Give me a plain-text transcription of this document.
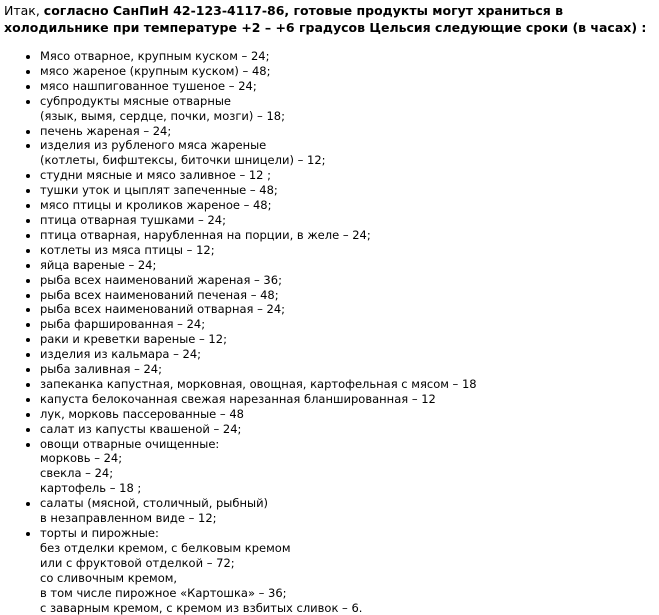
Итак, согласно СанПиН 42-123-4117-86, готовые продукты могут храниться в холодильнике при температуре +2 – +6 градусов Цельсия следующие сроки (в часах) :

Мясо отварное, крупным куском – 24;
мясо жареное (крупным куском) – 48;
мясо нашпигованное тушеное – 24;
субпродукты мясные отварные
(язык, вымя, сердце, почки, мозги) – 18;
печень жареная – 24;
изделия из рубленого мяса жареные
(котлеты, бифштексы, биточки шницели) – 12;
студни мясные и мясо заливное – 12 ;
тушки уток и цыплят запеченные – 48;
мясо птицы и кроликов жареное – 48;
птица отварная тушками – 24;
птица отварная, нарубленная на порции, в желе – 24;
котлеты из мяса птицы – 12;
яйца вареные – 24;
рыба всех наименований жареная – 36;
рыба всех наименований печеная – 48;
рыба всех наименований отварная – 24;
рыба фаршированная – 24;
раки и креветки вареные – 12;
изделия из кальмара – 24;
рыба заливная – 24;
запеканка капустная, морковная, овощная, картофельная с мясом – 18
капуста белокочанная свежая нарезанная бланшированная – 12
лук, морковь пассерованные – 48
салат из капусты квашеной – 24;
овощи отварные очищенные:
морковь – 24;
свекла – 24;
картофель – 18 ;
салаты (мясной, столичный, рыбный)
в незаправленном виде – 12;
торты и пирожные:
без отделки кремом, с белковым кремом
или с фруктовой отделкой – 72;
со сливочным кремом,
в том числе пирожное «Картошка» – 36;
с заварным кремом, с кремом из взбитых сливок – 6.
